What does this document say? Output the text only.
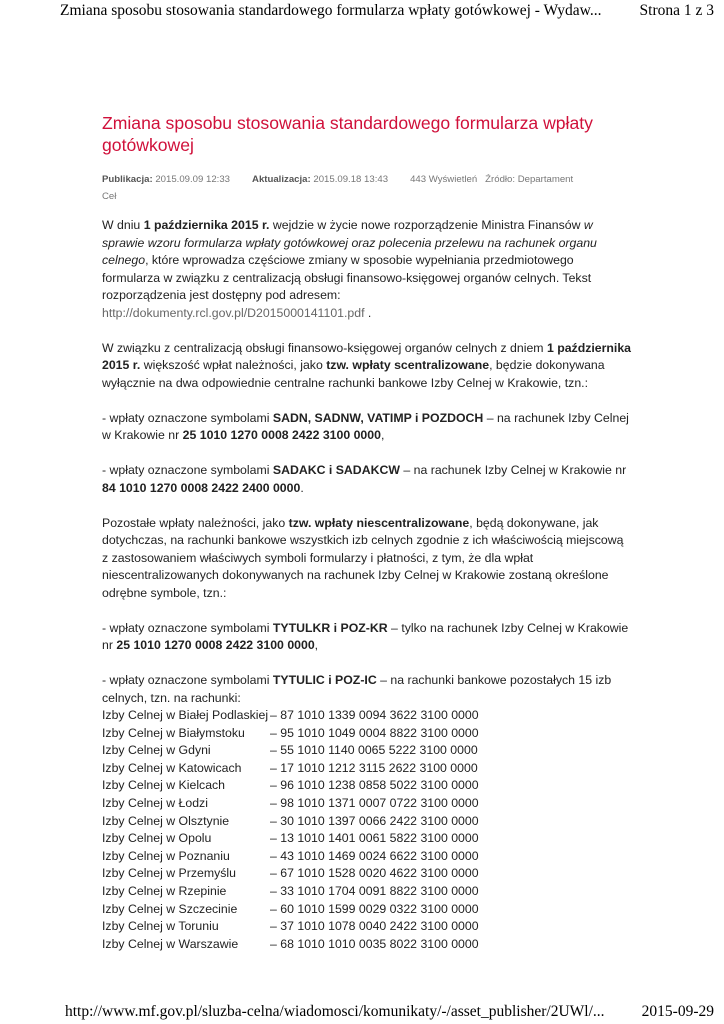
Zmiana sposobu stosowania standardowego formularza wpłaty gotówkowej - Wydaw... Strona 1 z 3
Zmiana sposobu stosowania standardowego formularza wpłaty gotówkowej
Publikacja: 2015.09.09 12:33 Aktualizacja: 2015.09.18 13:43 443 Wyświetleń Źródło: Departament
Ceł

W dniu 1 października 2015 r. wejdzie w życie nowe rozporządzenie Ministra Finansów w sprawie wzoru formularza wpłaty gotówkowej oraz polecenia przelewu na rachunek organu celnego, które wprowadza częściowe zmiany w sposobie wypełniania przedmiotowego formularza w związku z centralizacją obsługi finansowo-księgowej organów celnych. Tekst rozporządzenia jest dostępny pod adresem:
http://dokumenty.rcl.gov.pl/D2015000141101.pdf .

W związku z centralizacją obsługi finansowo-księgowej organów celnych z dniem 1 października 2015 r. większość wpłat należności, jako tzw. wpłaty scentralizowane, będzie dokonywana wyłącznie na dwa odpowiednie centralne rachunki bankowe Izby Celnej w Krakowie, tzn.:

- wpłaty oznaczone symbolami SADN, SADNW, VATIMP i POZDOCH – na rachunek Izby Celnej w Krakowie nr 25 1010 1270 0008 2422 3100 0000,

- wpłaty oznaczone symbolami SADAKC i SADAKCW – na rachunek Izby Celnej w Krakowie nr 84 1010 1270 0008 2422 2400 0000.

Pozostałe wpłaty należności, jako tzw. wpłaty niescentralizowane, będą dokonywane, jak dotychczas, na rachunki bankowe wszystkich izb celnych zgodnie z ich właściwością miejscową z zastosowaniem właściwych symboli formularzy i płatności, z tym, że dla wpłat niescentralizowanych dokonywanych na rachunek Izby Celnej w Krakowie zostaną określone odrębne symbole, tzn.:

- wpłaty oznaczone symbolami TYTULKR i POZ-KR – tylko na rachunek Izby Celnej w Krakowie nr 25 1010 1270 0008 2422 3100 0000,

- wpłaty oznaczone symbolami TYTULIC i POZ-IC – na rachunki bankowe pozostałych 15 izb celnych, tzn. na rachunki:

Izby Celnej w Białej Podlaskiej	– 87 1010 1339 0094 3622 3100 0000
Izby Celnej w Białymstoku	– 95 1010 1049 0004 8822 3100 0000
Izby Celnej w Gdyni	– 55 1010 1140 0065 5222 3100 0000
Izby Celnej w Katowicach	– 17 1010 1212 3115 2622 3100 0000
Izby Celnej w Kielcach	– 96 1010 1238 0858 5022 3100 0000
Izby Celnej w Łodzi	– 98 1010 1371 0007 0722 3100 0000
Izby Celnej w Olsztynie	– 30 1010 1397 0066 2422 3100 0000
Izby Celnej w Opolu	– 13 1010 1401 0061 5822 3100 0000
Izby Celnej w Poznaniu	– 43 1010 1469 0024 6622 3100 0000
Izby Celnej w Przemyślu	– 67 1010 1528 0020 4622 3100 0000
Izby Celnej w Rzepinie	– 33 1010 1704 0091 8822 3100 0000
Izby Celnej w Szczecinie	– 60 1010 1599 0029 0322 3100 0000
Izby Celnej w Toruniu	– 37 1010 1078 0040 2422 3100 0000
Izby Celnej w Warszawie	– 68 1010 1010 0035 8022 3100 0000
http://www.mf.gov.pl/sluzba-celna/wiadomosci/komunikaty/-/asset_publisher/2UWl/... 2015-09-29
